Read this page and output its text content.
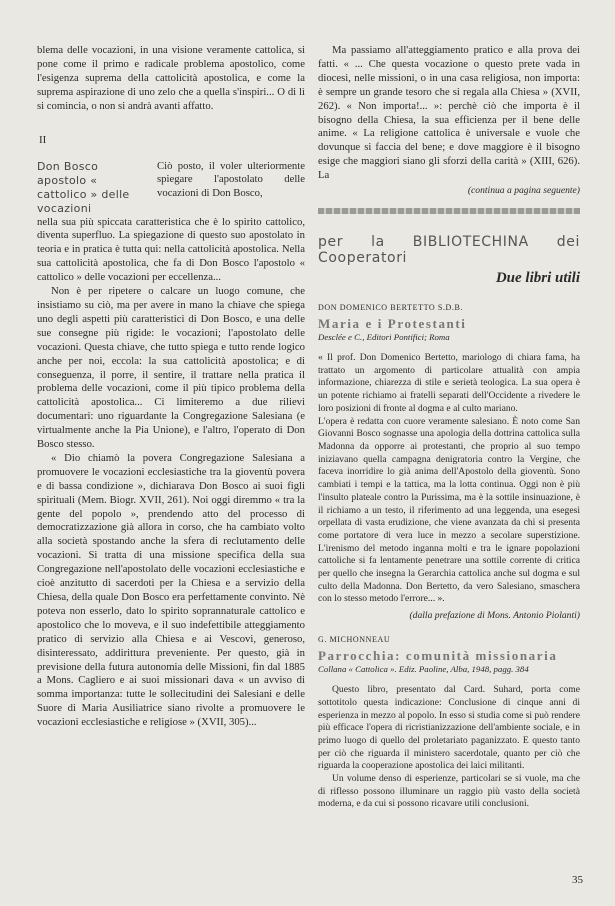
blema delle vocazioni, in una visione veramente cattolica, si pone come il primo e radicale problema apostolico, come l'esigenza suprema della cattolicità apostolica, e come la suprema aspirazione di uno zelo che a quella s'inspiri... O di lì si comincia, o non si andrà avanti affatto.

II
Don Bosco apostolo « cattolico » delle vocazioni
Ciò posto, il voler ulteriormente spiegare l'apostolato delle vocazioni di Don Bosco,

nella sua più spiccata caratteristica che è lo spirito cattolico, diventa superfluo. La spiegazione di questo suo apostolato in teoria e in pratica è tutta qui: nella cattolicità apostolica. Nella sua cattolicità apostolica, che fa di Don Bosco l'apostolo « cattolico » delle vocazioni per eccellenza...

Non è per ripetere o calcare un luogo comune, che insistiamo su ciò, ma per avere in mano la chiave che spiega uno degli aspetti più caratteristici di Don Bosco, e una delle sue consegne più rigide: le vocazioni; l'apostolato delle vocazioni. Questa chiave, che tutto spiega e tutto rende logico anche per noi, eccola: la sua cattolicità apostolica; e di conseguenza, il porre, il sentire, il trattare nella pratica il problema delle vocazioni, come il più tipico problema della cattolicità apostolica... Ci limiteremo a due rilievi documentari: uno riguardante la Congregazione Salesiana (e virtualmente anche la Pia Unione), e l'altro, l'operato di Don Bosco stesso.

« Dio chiamò la povera Congregazione Salesiana a promuovere le vocazioni ecclesiastiche tra la gioventù povera e di bassa condizione », dichiarava Don Bosco ai suoi figli spirituali (Mem. Biogr. XVII, 261). Noi oggi diremmo « tra la gente del popolo », prendendo atto del processo di democratizzazione già allora in corso, che ha cambiato volto alla società spostando anche la sfera di reclutamento delle vocazioni. Si tratta di una missione specifica della sua Congregazione nell'apostolato delle vocazioni ecclesiastiche e cioè anzitutto di sacerdoti per la Chiesa e a servizio della Chiesa, della quale Don Bosco era perfettamente convinto. Nè poteva non esserlo, dato lo spirito soprannaturale cattolico e apostolico che lo moveva, e il suo indefettibile atteggiamento pratico di servizio alla Chiesa e ai Vescovi, generoso, disinteressato, addirittura preveniente. Per questo, già in previsione della futura autonomia delle Missioni, fin dal 1885 a Mons. Cagliero e ai suoi missionari dava « un avviso di somma importanza: tutte le sollecitudini dei Salesiani e delle Suore di Maria Ausiliatrice siano rivolte a promuovere le vocazioni ecclesiastiche e religiose » (XVII, 305)...

Ma passiamo all'atteggiamento pratico e alla prova dei fatti. « ... Che questa vocazione o questo prete vada in diocesi, nelle missioni, o in una casa religiosa, non importa: è sempre un grande tesoro che si regala alla Chiesa » (XVII, 262). « Non importa!... »: perchè ciò che importa è il bisogno della Chiesa, la sua efficienza per il bene delle anime. « La religione cattolica è universale e vuole che dovunque si faccia del bene; e dove maggiore è il bisogno esige che maggiori siano gli sforzi della carità » (XIII, 626). La

(continua a pagina seguente)
per la BIBLIOTECHINA dei Cooperatori
Due libri utili
DON DOMENICO BERTETTO S.D.B.
Maria e i Protestanti
Desclée e C., Editori Pontifici; Roma

« Il prof. Don Domenico Bertetto, mariologo di chiara fama, ha trattato un argomento di particolare attualità con ampia informazione, chiarezza di stile e serietà teologica. La sua opera è un potente richiamo ai fratelli separati dell'Occidente a rivedere le loro posizioni di fronte al dogma e al culto mariano.

L'opera è redatta con cuore veramente salesiano. È noto come San Giovanni Bosco sognasse una apologia della dottrina cattolica sulla Madonna da opporre ai protestanti, che proprio al suo tempo iniziavano quella campagna denigratoria contro la Vergine, che faceva inorridire lo già anima dell'Apostolo della gioventù. Sono cambiati i tempi e la tattica, ma la lotta continua. Oggi non è più l'insulto plateale contro la Purissima, ma è la sottile insinuazione, è il richiamo a un testo, il riferimento ad una leggenda, una esegesi orpellata di vasta erudizione, che viene avanzata da chi si presenta come portatore di vera luce in mezzo a secolare superstizione. L'irenismo del metodo inganna molti e tra le ignare popolazioni cattoliche si fa lentamente penetrare una sottile corrente di critica per quello che insegna la Gerarchia cattolica anche sul dogma e sul culto della Madonna. Don Bertetto, da vero Salesiano, smaschera con lo stesso metodo l'errore... ».

(dalla prefazione di Mons. Antonio Piolanti)
G. MICHONNEAU
Parrocchia: comunità missionaria
Collana « Cattolica ». Ediz. Paoline, Alba, 1948, pagg. 384

Questo libro, presentato dal Card. Suhard, porta come sottotitolo questa indicazione: Conclusione di cinque anni di esperienza in mezzo al popolo. In esso si studia come si può rendere più efficace l'opera di ricristianizzazione dell'ambiente sociale, e in primo luogo di quello del proletariato paganizzato. E questo tanto per ciò che riguarda il ministero sacerdotale, quanto per ciò che riguarda la cooperazione apostolica dei laici militanti.

Un volume denso di esperienze, particolari se si vuole, ma che di riflesso possono illuminare un raggio più vasto della società moderna, e da cui si possono ricavare utili conclusioni.

35
